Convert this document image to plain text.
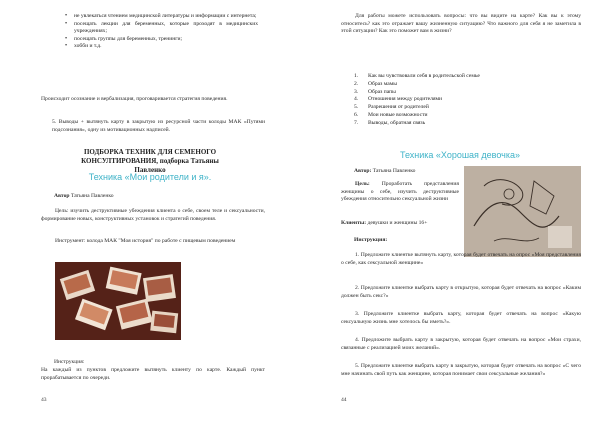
• не увлекаться чтением медицинской литературы и информации с интернета;
• посещать лекции для беременных, которые проходят в медицинских учреждениях;
• посещать группы для беременных, тренинги;
• хобби и т.д.

Происходит осознание и вербализация, проговаривается стратегия поведения.

5. Выводы + вытянуть карту в закрытую из ресурсной части колоды МАК «Путями подсознания», одну из мотивационных надписей.

ПОДБОРКА ТЕХНИК ДЛЯ СЕМЕНОГО КОНСУЛТИРОВАНИЯ, подборка Татьяны Павленко
Техника «Мои родители и я».

Автор Татьяна Павленко

Цель: изучить деструктивные убеждения клиента о себе, своем теле и сексуальности, формирование новых, конструктивных установок и стратегий поведения.

Инструмент: колода МАК "Моя история" по работе с пищевым поведением

Инструкция:

На каждый из пунктов предложите вытянуть клиенту по карте. Каждый пункт прорабатывается по очереди.

43

Для работы можете использовать вопросы: что вы видите на карте? Как вы к этому относитесь? как это отражает вашу жизненную ситуацию? Что важного для себя я не заметила в этой ситуации? Как это поможет вам в жизни?

1. Как вы чувствовали себя в родительской семье
2. Образ мамы
3. Образ папы
4. Отношения между родителями
5. Разрешения от родителей
6. Мои новые возможности
7. Выводы, обратная связь
Техника «Хорошая девочка»

Автор: Татьяна Павленко

Цель: Проработать представления женщины о себе, изучить деструктивные убеждения относительно сексуальной жизни

Клиенты: девушки и женщины 16+

Инструкция:

1. Предложите клиентке вытянуть карту, которая будет отвечать на опрос «Моя представления о себе, как сексуальной женщине»

2. Предложите клиентке выбрать карту в открытую, которая будет отвечать на вопрос «Каким должен быть секс?»

3. Предложите клиентке выбрать карту, которая будет отвечать на вопрос «Какую сексуальную жизнь мне хотелось бы иметь?».

4. Предложите выбрать карту в закрытую, которая будет отвечать на вопрос «Мои страхи, связанные с реализацией моих желаний».

5. Предложите клиентке выбрать карту в закрытую, которая будет отвечать на вопрос «С чего мне начинать свой путь как женщине, которая понимает свои сексуальные желания?»

44
